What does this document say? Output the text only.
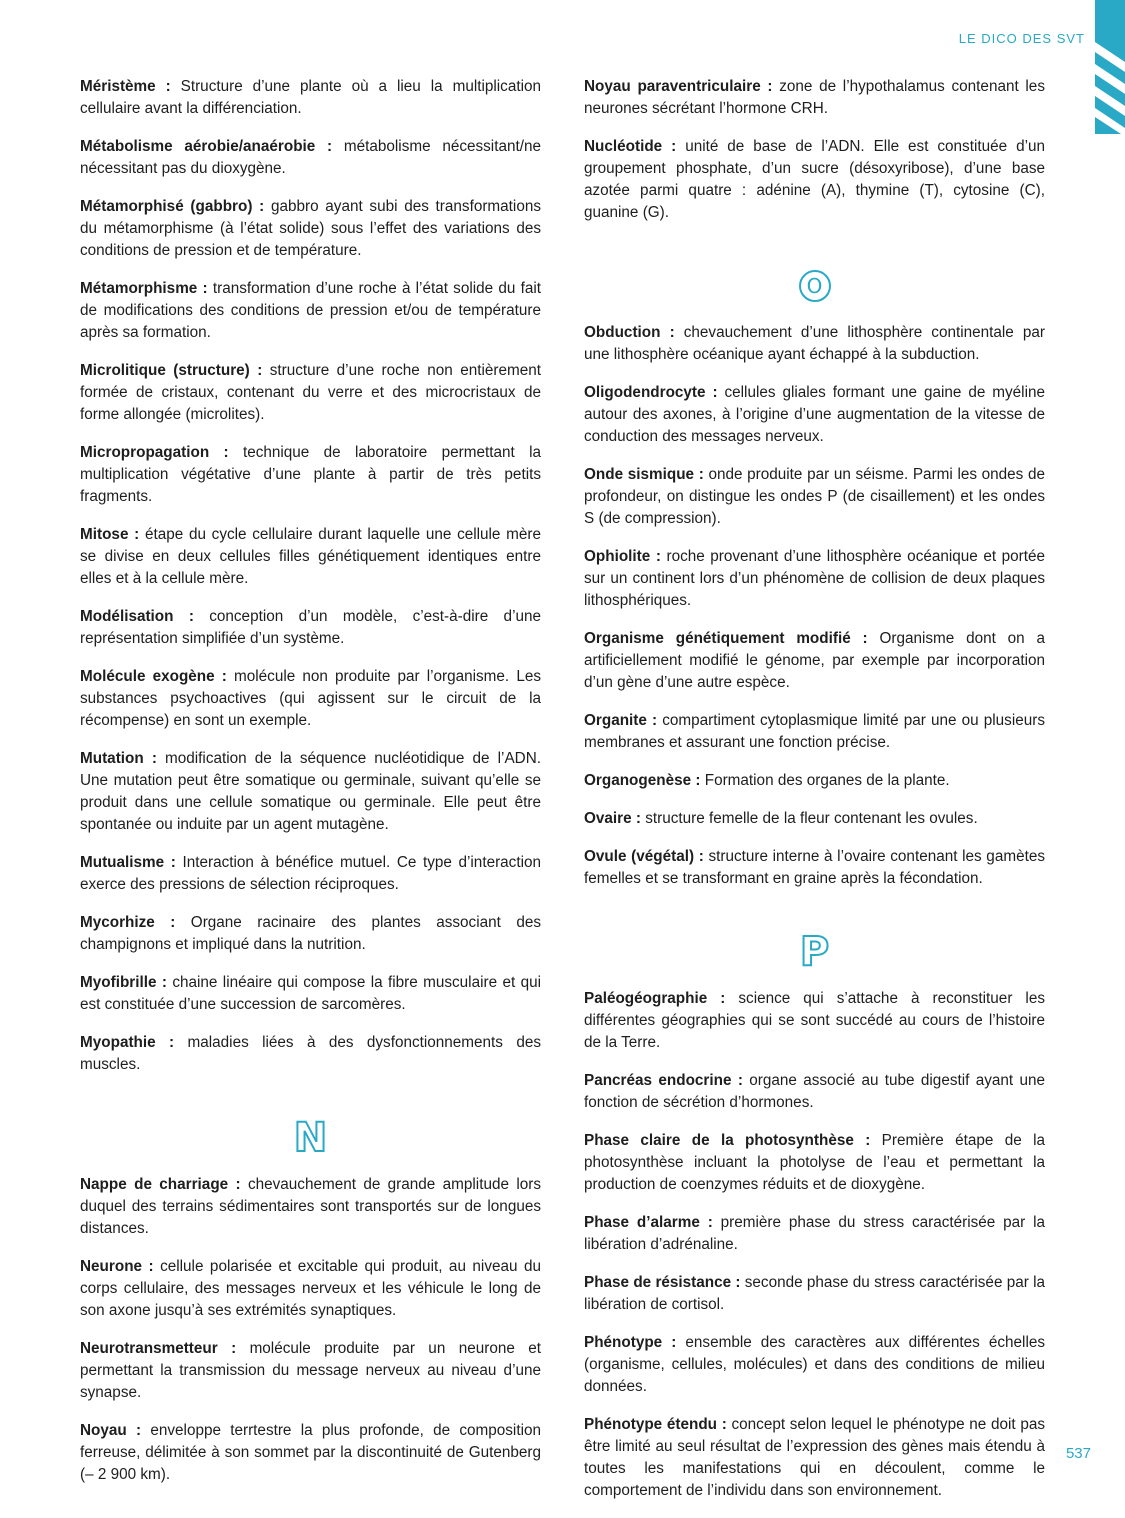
LE DICO DES SVT

Méristème : Structure d’une plante où a lieu la multiplication cellulaire avant la différenciation.

Métabolisme aérobie/anaérobie : métabolisme nécessitant/ne nécessitant pas du dioxygène.

Métamorphisé (gabbro) : gabbro ayant subi des transformations du métamorphisme (à l’état solide) sous l’effet des variations des conditions de pression et de température.

Métamorphisme : transformation d’une roche à l’état solide du fait de modifications des conditions de pression et/ou de température après sa formation.

Microlitique (structure) : structure d’une roche non entièrement formée de cristaux, contenant du verre et des microcristaux de forme allongée (microlites).

Micropropagation : technique de laboratoire permettant la multiplication végétative d’une plante à partir de très petits fragments.

Mitose : étape du cycle cellulaire durant laquelle une cellule mère se divise en deux cellules filles génétiquement identiques entre elles et à la cellule mère.

Modélisation : conception d’un modèle, c’est-à-dire d’une représentation simplifiée d’un système.

Molécule exogène : molécule non produite par l’organisme. Les substances psychoactives (qui agissent sur le circuit de la récompense) en sont un exemple.

Mutation : modification de la séquence nucléotidique de l’ADN. Une mutation peut être somatique ou germinale, suivant qu’elle se produit dans une cellule somatique ou germinale. Elle peut être spontanée ou induite par un agent mutagène.

Mutualisme : Interaction à bénéfice mutuel. Ce type d’interaction exerce des pressions de sélection réciproques.

Mycorhize : Organe racinaire des plantes associant des champignons et impliqué dans la nutrition.

Myofibrille : chaine linéaire qui compose la fibre musculaire et qui est constituée d’une succession de sarcomères.

Myopathie : maladies liées à des dysfonctionnements des muscles.

N

Nappe de charriage : chevauchement de grande amplitude lors duquel des terrains sédimentaires sont transportés sur de longues distances.

Neurone : cellule polarisée et excitable qui produit, au niveau du corps cellulaire, des messages nerveux et les véhicule le long de son axone jusqu’à ses extrémités synaptiques.

Neurotransmetteur : molécule produite par un neurone et permettant la transmission du message nerveux au niveau d’une synapse.

Noyau : enveloppe terrtestre la plus profonde, de composition ferreuse, délimitée à son sommet par la discontinuité de Gutenberg (– 2 900 km).

Noyau paraventriculaire : zone de l’hypothalamus contenant les neurones sécrétant l’hormone CRH.

Nucléotide : unité de base de l’ADN. Elle est constituée d’un groupement phosphate, d’un sucre (désoxyribose), d’une base azotée parmi quatre : adénine (A), thymine (T), cytosine (C), guanine (G).

O

Obduction : chevauchement d’une lithosphère continentale par une lithosphère océanique ayant échappé à la subduction.

Oligodendrocyte : cellules gliales formant une gaine de myéline autour des axones, à l’origine d’une augmentation de la vitesse de conduction des messages nerveux.

Onde sismique : onde produite par un séisme. Parmi les ondes de profondeur, on distingue les ondes P (de cisaillement) et les ondes S (de compression).

Ophiolite : roche provenant d’une lithosphère océanique et portée sur un continent lors d’un phénomène de collision de deux plaques lithosphériques.

Organisme génétiquement modifié : Organisme dont on a artificiellement modifié le génome, par exemple par incorporation d’un gène d’une autre espèce.

Organite : compartiment cytoplasmique limité par une ou plusieurs membranes et assurant une fonction précise.

Organogenèse : Formation des organes de la plante.

Ovaire : structure femelle de la fleur contenant les ovules.

Ovule (végétal) : structure interne à l’ovaire contenant les gamètes femelles et se transformant en graine après la fécondation.

P

Paléogéographie : science qui s’attache à reconstituer les différentes géographies qui se sont succédé au cours de l’histoire de la Terre.

Pancréas endocrine : organe associé au tube digestif ayant une fonction de sécrétion d’hormones.

Phase claire de la photosynthèse : Première étape de la photosynthèse incluant la photolyse de l’eau et permettant la production de coenzymes réduits et de dioxygène.

Phase d’alarme : première phase du stress caractérisée par la libération d’adrénaline.

Phase de résistance : seconde phase du stress caractérisée par la libération de cortisol.

Phénotype : ensemble des caractères aux différentes échelles (organisme, cellules, molécules) et dans des conditions de milieu données.

Phénotype étendu : concept selon lequel le phénotype ne doit pas être limité au seul résultat de l’expression des gènes mais étendu à toutes les manifestations qui en découlent, comme le comportement de l’individu dans son environnement.

537
